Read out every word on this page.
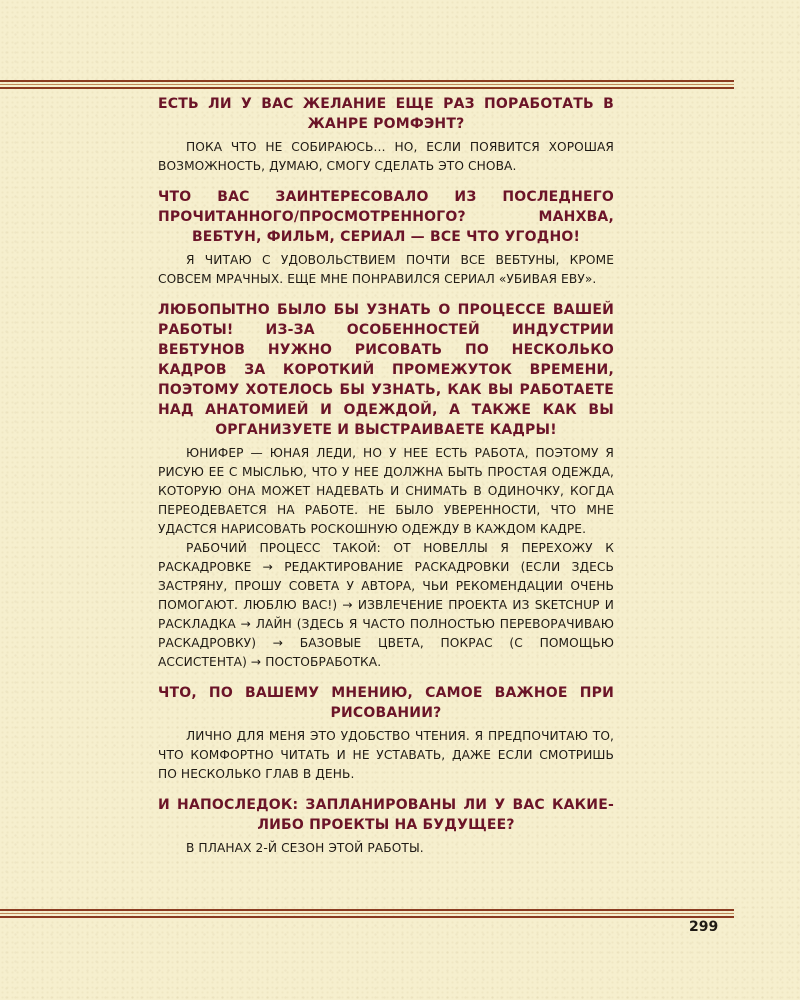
ЕСТЬ ЛИ У ВАС ЖЕЛАНИЕ ЕЩЕ РАЗ ПОРАБОТАТЬ В ЖАНРЕ РОМФЭНТ?

ПОКА ЧТО НЕ СОБИРАЮСЬ… НО, ЕСЛИ ПОЯВИТСЯ ХОРОШАЯ ВОЗМОЖНОСТЬ, ДУМАЮ, СМОГУ СДЕЛАТЬ ЭТО СНОВА.

ЧТО ВАС ЗАИНТЕРЕСОВАЛО ИЗ ПОСЛЕДНЕГО ПРОЧИТАННОГО/ПРОСМОТРЕННОГО? МАНХВА, ВЕБТУН, ФИЛЬМ, СЕРИАЛ — ВСЕ ЧТО УГОДНО!

Я ЧИТАЮ С УДОВОЛЬСТВИЕМ ПОЧТИ ВСЕ ВЕБТУНЫ, КРОМЕ СОВСЕМ МРАЧНЫХ. ЕЩЕ МНЕ ПОНРАВИЛСЯ СЕРИАЛ «УБИВАЯ ЕВУ».

ЛЮБОПЫТНО БЫЛО БЫ УЗНАТЬ О ПРОЦЕССЕ ВАШЕЙ РАБОТЫ! ИЗ-ЗА ОСОБЕННОСТЕЙ ИНДУСТРИИ ВЕБТУНОВ НУЖНО РИСОВАТЬ ПО НЕСКОЛЬКО КАДРОВ ЗА КОРОТКИЙ ПРОМЕЖУТОК ВРЕМЕНИ, ПОЭТОМУ ХОТЕЛОСЬ БЫ УЗНАТЬ, КАК ВЫ РАБОТАЕТЕ НАД АНАТОМИЕЙ И ОДЕЖДОЙ, А ТАКЖЕ КАК ВЫ ОРГАНИЗУЕТЕ И ВЫСТРАИВАЕТЕ КАДРЫ!

ЮНИФЕР — ЮНАЯ ЛЕДИ, НО У НЕЕ ЕСТЬ РАБОТА, ПОЭТОМУ Я РИСУЮ ЕЕ С МЫСЛЬЮ, ЧТО У НЕЕ ДОЛЖНА БЫТЬ ПРОСТАЯ ОДЕЖДА, КОТОРУЮ ОНА МОЖЕТ НАДЕВАТЬ И СНИМАТЬ В ОДИНОЧКУ, КОГДА ПЕРЕОДЕВАЕТСЯ НА РАБОТЕ. НЕ БЫЛО УВЕРЕННОСТИ, ЧТО МНЕ УДАСТСЯ НАРИСОВАТЬ РОСКОШНУЮ ОДЕЖДУ В КАЖДОМ КАДРЕ.

РАБОЧИЙ ПРОЦЕСС ТАКОЙ: ОТ НОВЕЛЛЫ Я ПЕРЕХОЖУ К РАСКАДРОВКЕ → РЕДАКТИРОВАНИЕ РАСКАДРОВКИ (ЕСЛИ ЗДЕСЬ ЗАСТРЯНУ, ПРОШУ СОВЕТА У АВТОРА, ЧЬИ РЕКОМЕНДАЦИИ ОЧЕНЬ ПОМОГАЮТ. ЛЮБЛЮ ВАС!) → ИЗВЛЕЧЕНИЕ ПРОЕКТА ИЗ SKETCHUP И РАСКЛАДКА → ЛАЙН (ЗДЕСЬ Я ЧАСТО ПОЛНОСТЬЮ ПЕРЕВОРАЧИВАЮ РАСКАДРОВКУ) → БАЗОВЫЕ ЦВЕТА, ПОКРАС (С ПОМОЩЬЮ АССИСТЕНТА) → ПОСТОБРАБОТКА.

ЧТО, ПО ВАШЕМУ МНЕНИЮ, САМОЕ ВАЖНОЕ ПРИ РИСОВАНИИ?

ЛИЧНО ДЛЯ МЕНЯ ЭТО УДОБСТВО ЧТЕНИЯ. Я ПРЕДПОЧИТАЮ ТО, ЧТО КОМФОРТНО ЧИТАТЬ И НЕ УСТАВАТЬ, ДАЖЕ ЕСЛИ СМОТРИШЬ ПО НЕСКОЛЬКО ГЛАВ В ДЕНЬ.

И НАПОСЛЕДОК: ЗАПЛАНИРОВАНЫ ЛИ У ВАС КАКИЕ-ЛИБО ПРОЕКТЫ НА БУДУЩЕЕ?

В ПЛАНАХ 2-Й СЕЗОН ЭТОЙ РАБОТЫ.

299
